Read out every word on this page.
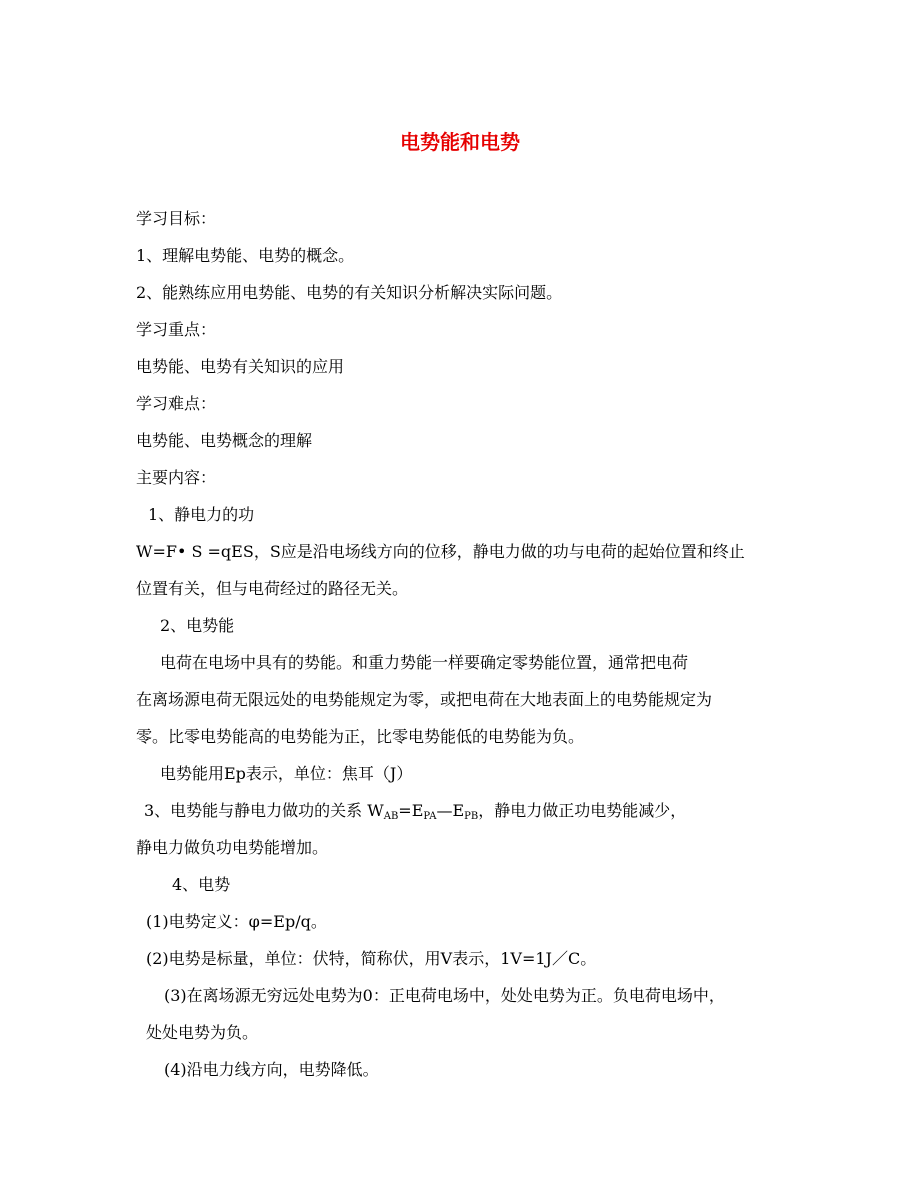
电势能和电势
学习目标：
1、理解电势能、电势的概念。
2、能熟练应用电势能、电势的有关知识分析解决实际问题。
学习重点：
电势能、电势有关知识的应用
学习难点：
电势能、电势概念的理解
主要内容：
1、静电力的功
W=F• S =qES，S应是沿电场线方向的位移，静电力做的功与电荷的起始位置和终止
位置有关，但与电荷经过的路径无关。
2、电势能
电荷在电场中具有的势能。和重力势能一样要确定零势能位置，通常把电荷
在离场源电荷无限远处的电势能规定为零，或把电荷在大地表面上的电势能规定为
零。比零电势能高的电势能为正，比零电势能低的电势能为负。
电势能用Ep表示，单位：焦耳（J）
3、电势能与静电力做功的关系 $W_{AB}=E_{PA}—E_{PB}$，静电力做正功电势能减少，
静电力做负功电势能增加。
4、电势
(1)电势定义：φ=Ep/q。
(2)电势是标量，单位：伏特，简称伏，用V表示，1V=1J／C。
(3)在离场源无穷远处电势为0：正电荷电场中，处处电势为正。负电荷电场中，
处处电势为负。
(4)沿电力线方向，电势降低。
